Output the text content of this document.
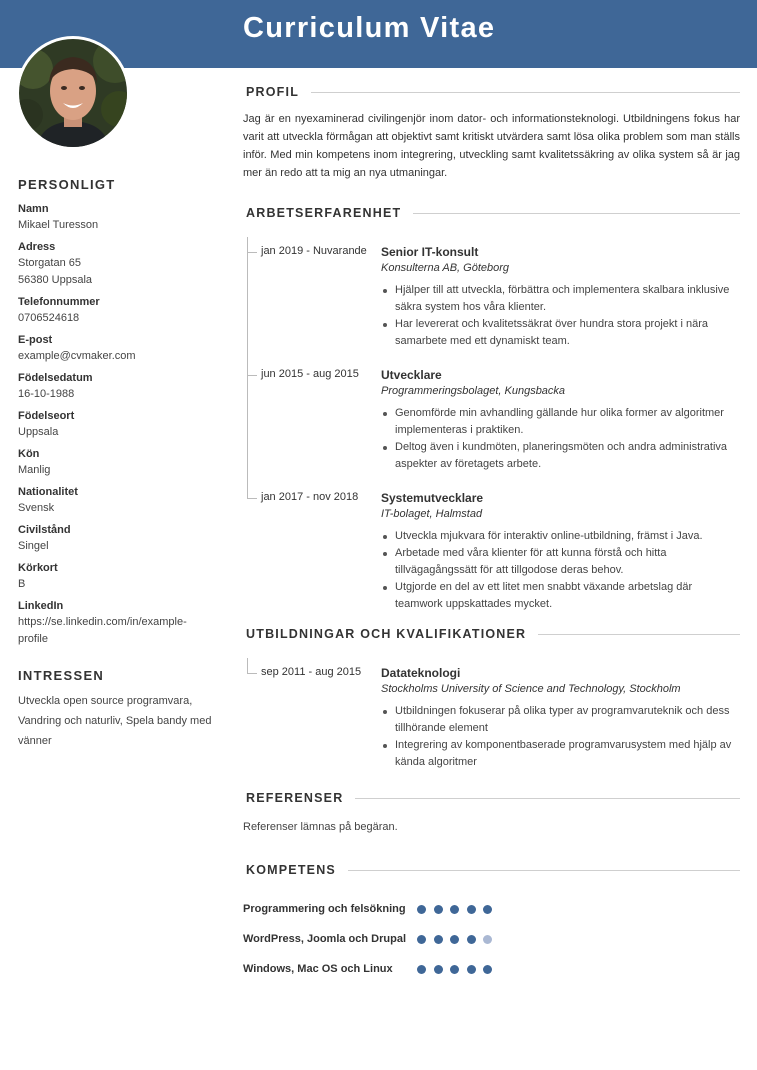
Curriculum Vitae
PERSONLIGT
Namn
Mikael Turesson
Adress
Storgatan 65
56380 Uppsala
Telefonnummer
0706524618
E-post
example@cvmaker.com
Födelsedatum
16-10-1988
Födelseort
Uppsala
Kön
Manlig
Nationalitet
Svensk
Civilstånd
Singel
Körkort
B
LinkedIn
https://se.linkedin.com/in/example-
profile
INTRESSEN
Utveckla open source programvara, Vandring och naturliv, Spela bandy med vänner
PROFIL

Jag är en nyexaminerad civilingenjör inom dator- och informationsteknologi. Utbildningens fokus har varit att utveckla förmågan att objektivt samt kritiskt utvärdera samt lösa olika problem som man ställs inför. Med min kompetens inom integrering, utveckling samt kvalitetssäkring av olika system så är jag mer än redo att ta mig an nya utmaningar.

ARBETSERFARENHET
jan 2019 - Nuvarande Senior IT-konsult
Konsulterna AB, Göteborg
Hjälper till att utveckla, förbättra och implementera skalbara inklusive säkra system hos våra klienter.
Har levererat och kvalitetssäkrat över hundra stora projekt i nära samarbete med ett dynamiskt team.
jun 2015 - aug 2015 Utvecklare
Programmeringsbolaget, Kungsbacka
Genomförde min avhandling gällande hur olika former av algoritmer implementeras i praktiken.
Deltog även i kundmöten, planeringsmöten och andra administrativa aspekter av företagets arbete.
jan 2017 - nov 2018 Systemutvecklare
IT-bolaget, Halmstad
Utveckla mjukvara för interaktiv online-utbildning, främst i Java.
Arbetade med våra klienter för att kunna förstå och hitta tillvägagångssätt för att tillgodose deras behov.
Utgjorde en del av ett litet men snabbt växande arbetslag där teamwork uppskattades mycket.
UTBILDNINGAR OCH KVALIFIKATIONER
sep 2011 - aug 2015 Datateknologi
Stockholms University of Science and Technology, Stockholm
Utbildningen fokuserar på olika typer av programvaruteknik och dess tillhörande element
Integrering av komponentbaserade programvarusystem med hjälp av kända algoritmer
REFERENSER

Referenser lämnas på begäran.

KOMPETENS
Programmering och felsökning
WordPress, Joomla och Drupal
Windows, Mac OS och Linux
